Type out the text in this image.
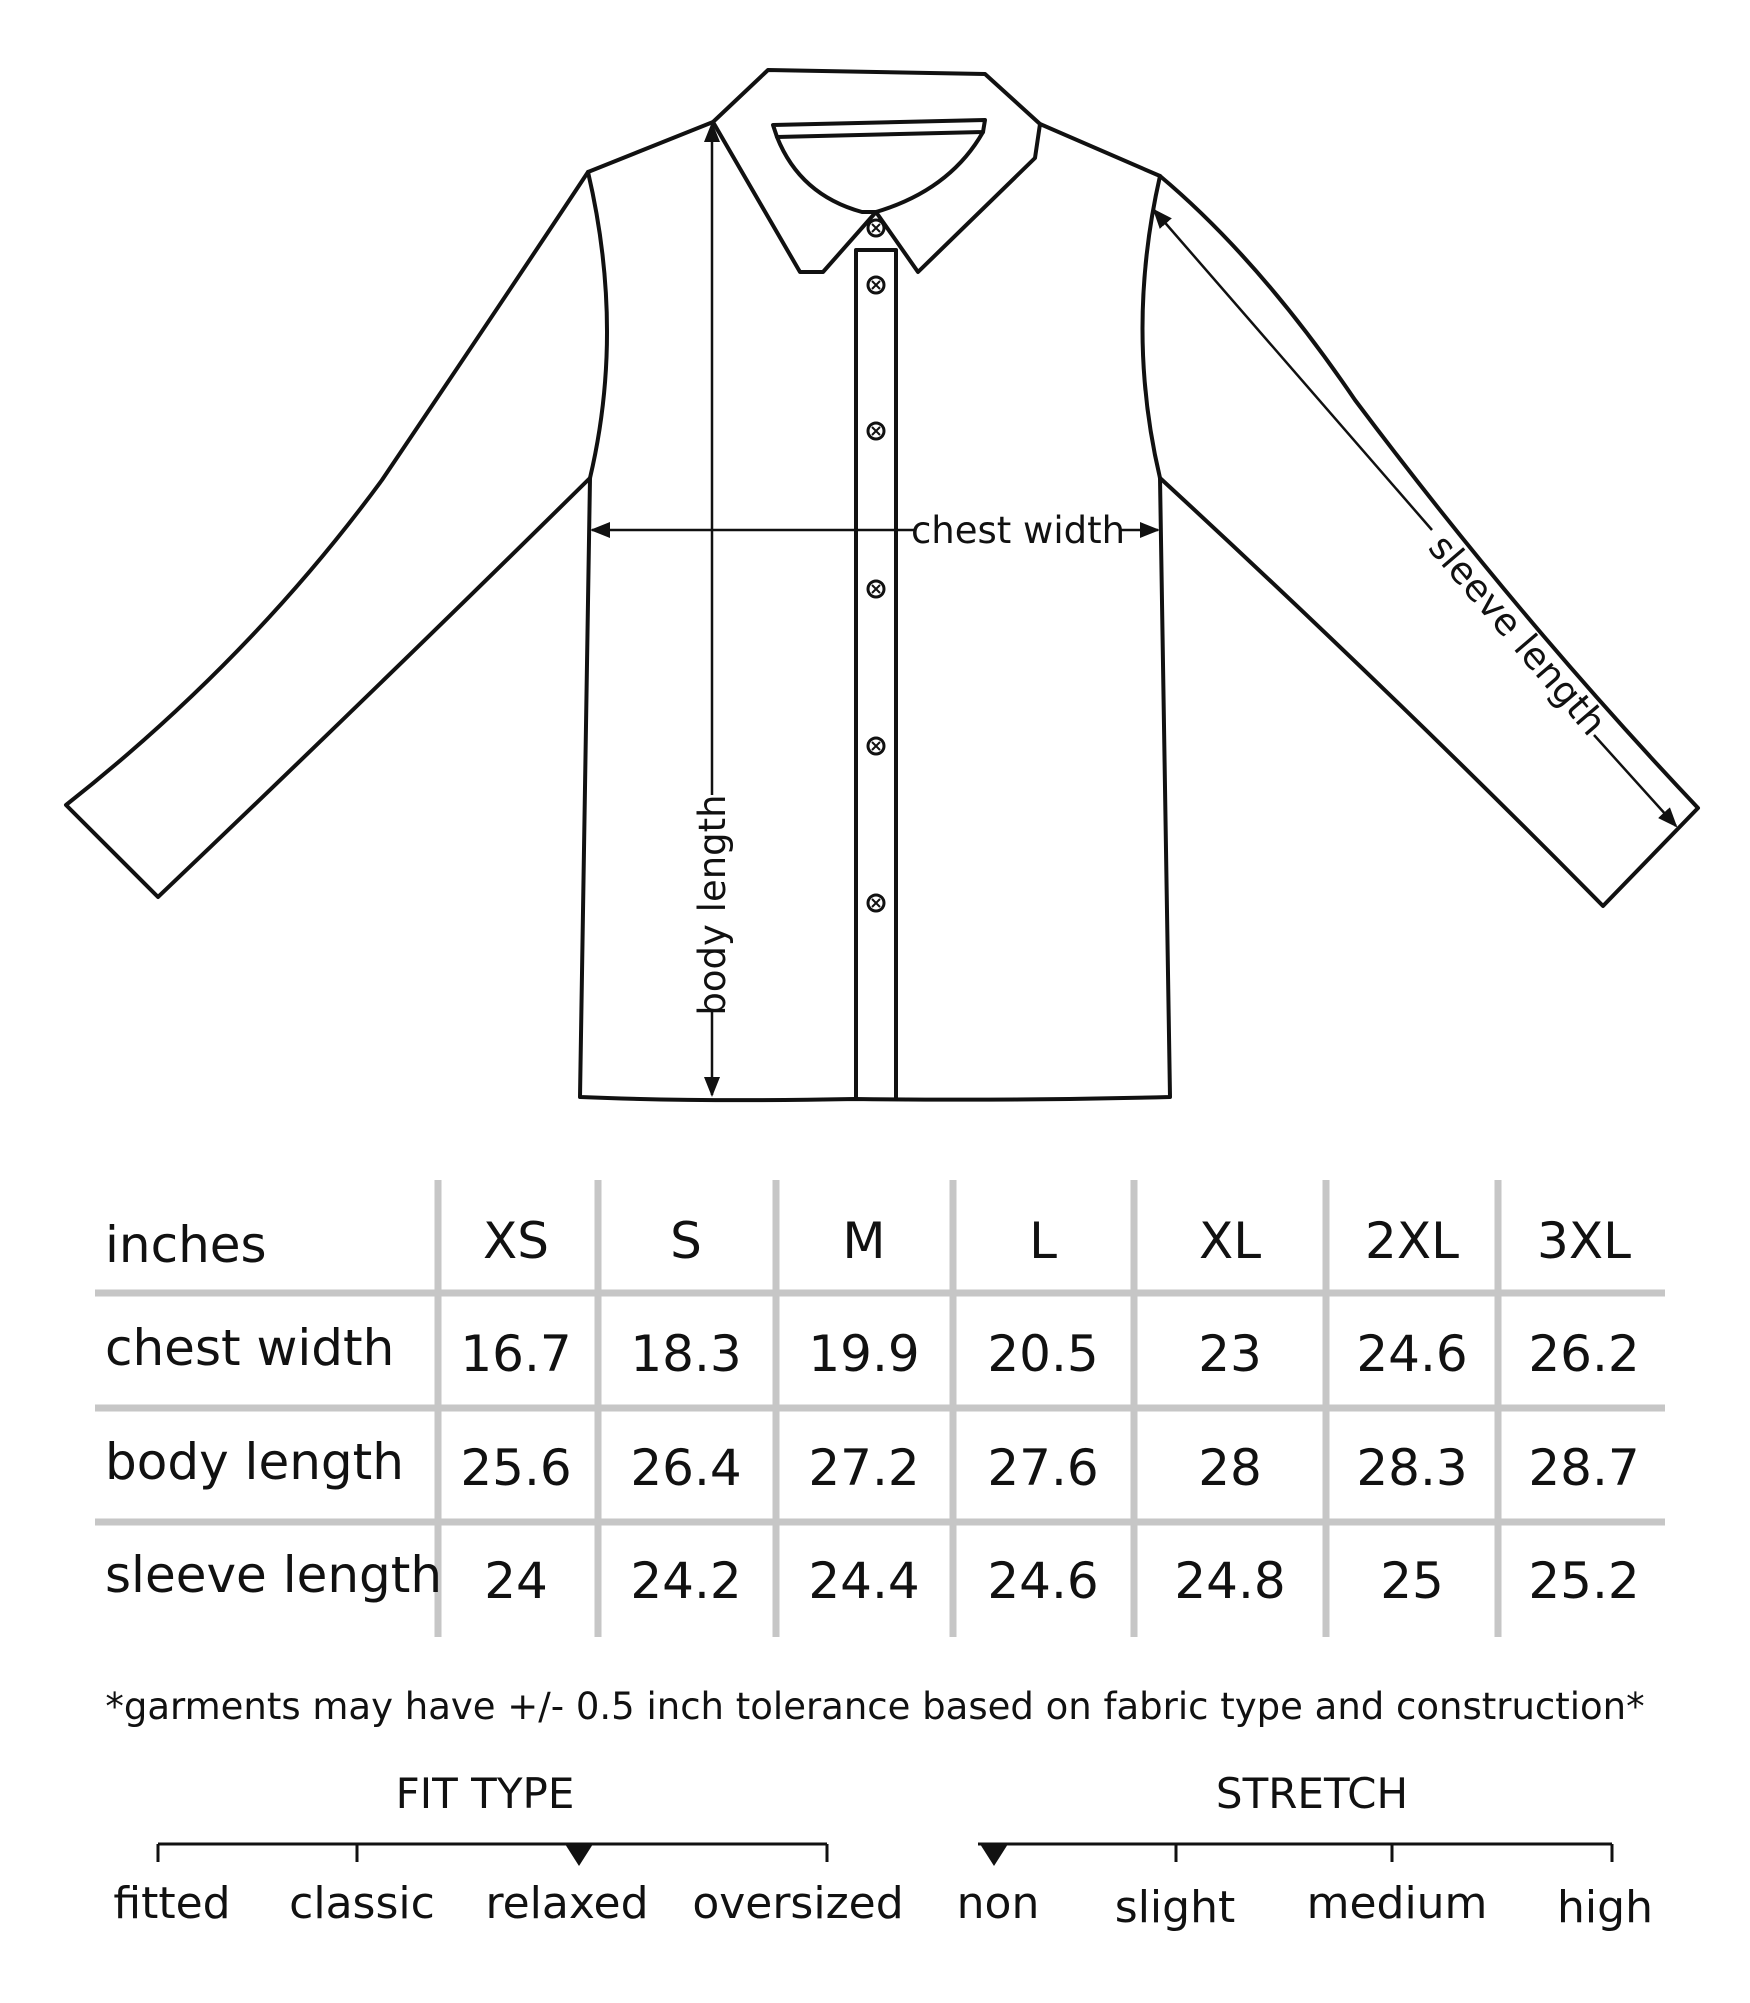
chest width
body length
sleeve length
inches	XS S	M	L	XL 2XL 3XL
chest width 16.7 18.3 19.9 20.5 23 24.6 26.2
body length 25.6 26.4 27.2 27.6 28 28.3 28.7
sleeve length 24 24.2 24.4 24.6 24.8 25 25.2
*garments may have +/- 0.5 inch tolerance based on fabric type and construction*
FIT TYPE
fitted classic relaxed oversized
STRETCH
non slight medium high
